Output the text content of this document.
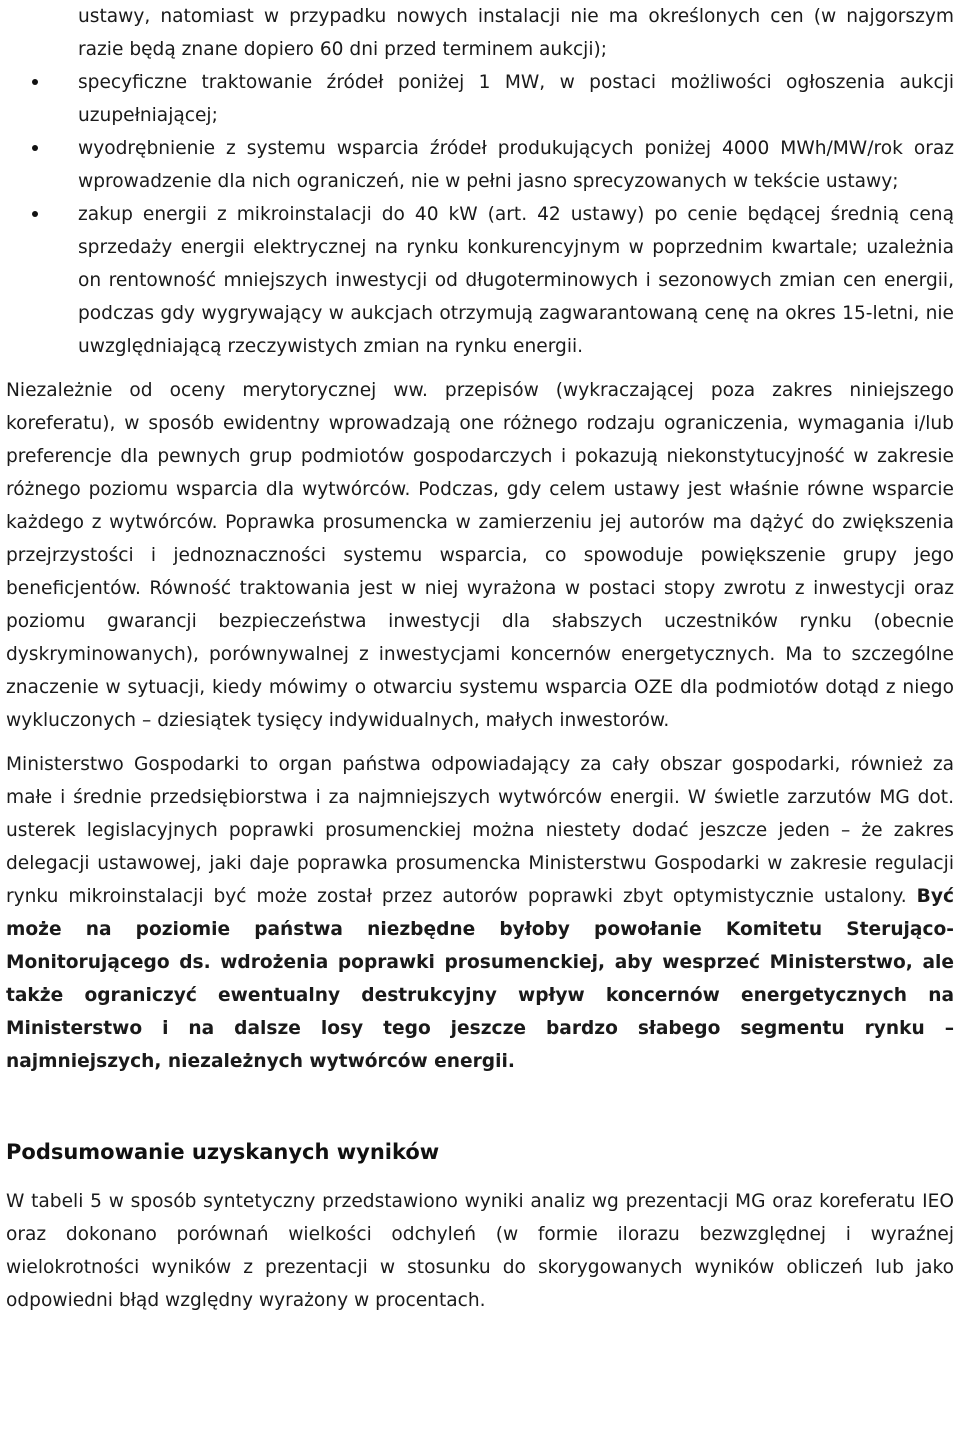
ustawy, natomiast w przypadku nowych instalacji nie ma określonych cen (w najgorszym razie będą znane dopiero 60 dni przed terminem aukcji);

specyficzne traktowanie źródeł poniżej 1 MW, w postaci możliwości ogłoszenia aukcji uzupełniającej;
wyodrębnienie z systemu wsparcia źródeł produkujących poniżej 4000 MWh/MW/rok oraz wprowadzenie dla nich ograniczeń, nie w pełni jasno sprecyzowanych w tekście ustawy;
zakup energii z mikroinstalacji do 40 kW (art. 42 ustawy) po cenie będącej średnią ceną sprzedaży energii elektrycznej na rynku konkurencyjnym w poprzednim kwartale; uzależnia on rentowność mniejszych inwestycji od długoterminowych i sezonowych zmian cen energii, podczas gdy wygrywający w aukcjach otrzymują zagwarantowaną cenę na okres 15-letni, nie uwzględniającą rzeczywistych zmian na rynku energii.

Niezależnie od oceny merytorycznej ww. przepisów (wykraczającej poza zakres niniejszego koreferatu), w sposób ewidentny wprowadzają one różnego rodzaju ograniczenia, wymagania i/lub preferencje dla pewnych grup podmiotów gospodarczych i pokazują niekonstytucyjność w zakresie różnego poziomu wsparcia dla wytwórców. Podczas, gdy celem ustawy jest właśnie równe wsparcie każdego z wytwórców. Poprawka prosumencka w zamierzeniu jej autorów ma dążyć do zwiększenia przejrzystości i jednoznaczności systemu wsparcia, co spowoduje powiększenie grupy jego beneficjentów. Równość traktowania jest w niej wyrażona w postaci stopy zwrotu z inwestycji oraz poziomu gwarancji bezpieczeństwa inwestycji dla słabszych uczestników rynku (obecnie dyskryminowanych), porównywalnej z inwestycjami koncernów energetycznych. Ma to szczególne znaczenie w sytuacji, kiedy mówimy o otwarciu systemu wsparcia OZE dla podmiotów dotąd z niego wykluczonych – dziesiątek tysięcy indywidualnych, małych inwestorów.

Ministerstwo Gospodarki to organ państwa odpowiadający za cały obszar gospodarki, również za małe i średnie przedsiębiorstwa i za najmniejszych wytwórców energii. W świetle zarzutów MG dot. usterek legislacyjnych poprawki prosumenckiej można niestety dodać jeszcze jeden – że zakres delegacji ustawowej, jaki daje poprawka prosumencka Ministerstwu Gospodarki w zakresie regulacji rynku mikroinstalacji być może został przez autorów poprawki zbyt optymistycznie ustalony. Być może na poziomie państwa niezbędne byłoby powołanie Komitetu Sterująco-Monitorującego ds. wdrożenia poprawki prosumenckiej, aby wesprzeć Ministerstwo, ale także ograniczyć ewentualny destrukcyjny wpływ koncernów energetycznych na Ministerstwo i na dalsze losy tego jeszcze bardzo słabego segmentu rynku – najmniejszych, niezależnych wytwórców energii.

Podsumowanie uzyskanych wyników

W tabeli 5 w sposób syntetyczny przedstawiono wyniki analiz wg prezentacji MG oraz koreferatu IEO oraz dokonano porównań wielkości odchyleń (w formie ilorazu bezwzględnej i wyraźnej wielokrotności wyników z prezentacji w stosunku do skorygowanych wyników obliczeń lub jako odpowiedni błąd względny wyrażony w procentach.
